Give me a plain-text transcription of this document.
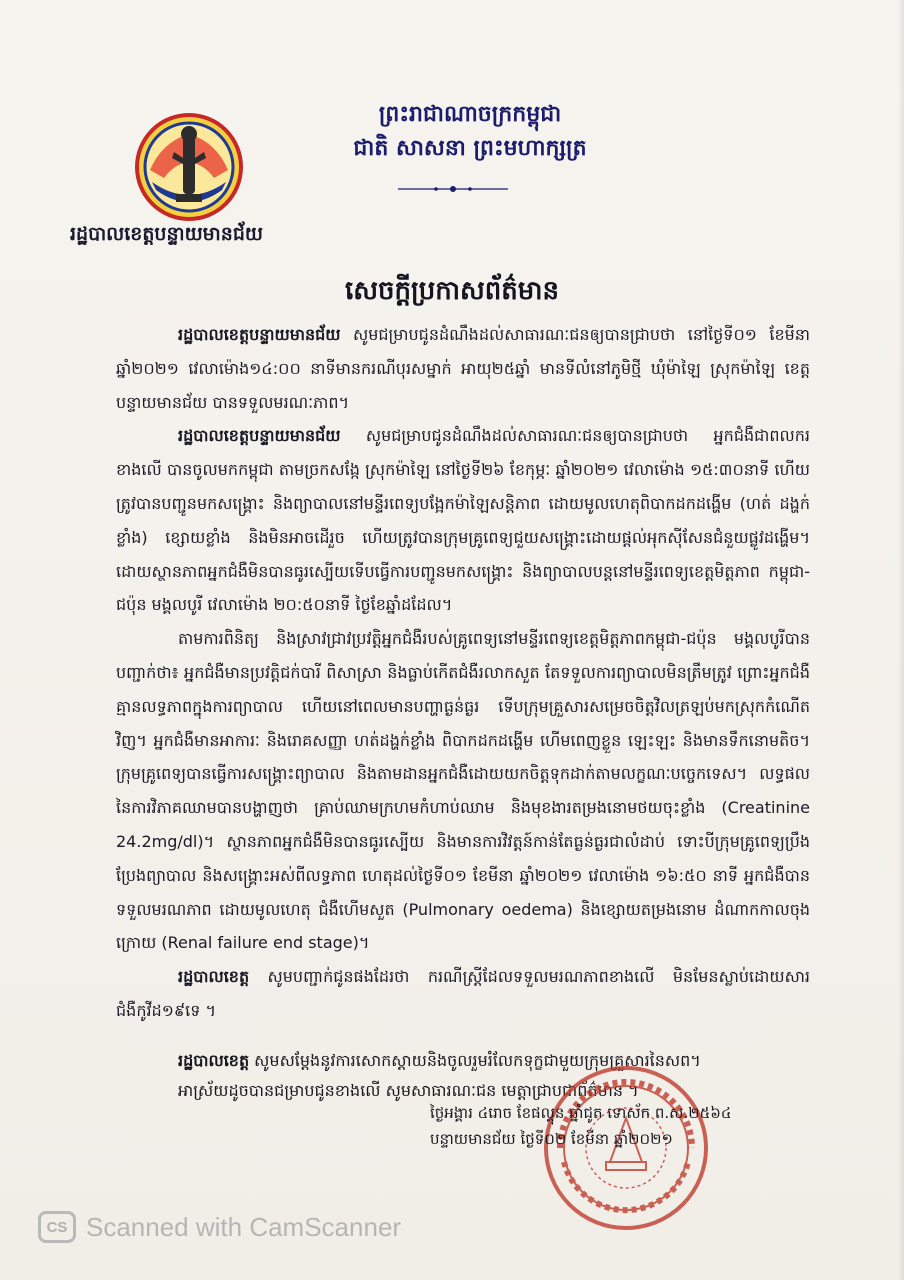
រដ្ឋបាលខេត្តបន្ទាយមានជ័យ
ព្រះរាជាណាចក្រកម្ពុជា
ជាតិ សាសនា ព្រះមហាក្សត្រ
សេចក្ដីប្រកាសព័ត៌មាន

រដ្ឋបាលខេត្តបន្ទាយមានជ័យ សូមជម្រាបជូនដំណឹងដល់សាធារណៈជនឲ្យបានជ្រាបថា នៅថ្ងៃទី០១ ខែមីនា ឆ្នាំ២០២១ វេលាម៉ោង១៤:០០ នាទីមានករណីបុរសម្នាក់ អាយុ២៥ឆ្នាំ មានទីលំនៅភូមិថ្មី ឃុំម៉ាឡៃ ស្រុកម៉ាឡៃ ខេត្តបន្ទាយមានជ័យ បានទទួលមរណៈភាព។

រដ្ឋបាលខេត្តបន្ទាយមានជ័យ សូមជម្រាបជូនដំណឹងដល់សាធារណៈជនឲ្យបានជ្រាបថា អ្នកជំងឺជាពលករខាងលើ បានចូលមកកម្ពុជា តាមច្រកសង្កែ ស្រុកម៉ាឡៃ នៅថ្ងៃទី២៦ ខែកុម្ភៈ ឆ្នាំ២០២១ វេលាម៉ោង ១៥:៣០នាទី ហើយត្រូវបានបញ្ជូនមកសង្គ្រោះ និងព្យាបាលនៅមន្ទីរពេទ្យបង្អែកម៉ាឡៃសន្តិភាព ដោយមូលហេតុពិបាកដកដង្ហើម (ហត់ ដង្ហក់ខ្លាំង) ខ្សោយខ្លាំង និងមិនអាចដើរួច ហើយត្រូវបានក្រុមគ្រូពេទ្យជួយសង្គ្រោះដោយផ្ដល់អុកស៊ីសែនជំនួយផ្លូវដង្ហើម។ ដោយស្ថានភាពអ្នកជំងឺមិនបានធូរស្បើយទើបធ្វើការបញ្ជូនមកសង្គ្រោះ និងព្យាបាលបន្តនៅមន្ទីរពេទ្យខេត្តមិត្តភាព កម្ពុជា-ជប៉ុន មង្គលបូរី វេលាម៉ោង ២០:៥០នាទី ថ្ងៃខែឆ្នាំដដែល។

តាមការពិនិត្យ និងស្រាវជ្រាវប្រវត្តិអ្នកជំងឺរបស់គ្រូពេទ្យនៅមន្ទីរពេទ្យខេត្តមិត្តភាពកម្ពុជា-ជប៉ុន មង្គលបូរីបានបញ្ជាក់ថា៖ អ្នកជំងឺមានប្រវត្តិជក់បារី ពិសាស្រា និងធ្លាប់កើតជំងឺរលាកសួត តែទទួលការព្យាបាលមិនត្រឹមត្រូវ ព្រោះអ្នកជំងឺគ្មានលទ្ធភាពក្នុងការព្យាបាល ហើយនៅពេលមានបញ្ហាធ្ងន់ធ្ងរ ទើបក្រុមគ្រួសារសម្រេចចិត្តវិលត្រឡប់មកស្រុកកំណើតវិញ។ អ្នកជំងឺមានអាការៈ និងរោគសញ្ញា ហត់ដង្ហក់ខ្លាំង ពិបាកដកដង្ហើម ហើមពេញខ្លួន ឡេះឡះ និងមានទឹកនោមតិច។ ក្រុមគ្រូពេទ្យបានធ្វើការសង្គ្រោះព្យាបាល និងតាមដានអ្នកជំងឺដោយយកចិត្តទុកដាក់តាមលក្ខណៈបច្ចេកទេស។ លទ្ធផលនៃការវិភាគឈាមបានបង្ហាញថា គ្រាប់ឈាមក្រហមកំហាប់ឈាម និងមុខងារតម្រងនោមថយចុះខ្លាំង (Creatinine 24.2mg/dl)។ ស្ថានភាពអ្នកជំងឺមិនបានធូរស្បើយ និងមានការវិវត្តន៍កាន់តែធ្ងន់ធ្ងរជាលំដាប់ ទោះបីក្រុមគ្រូពេទ្យប្រឹងប្រែងព្យាបាល និងសង្គ្រោះអស់ពីលទ្ធភាព ហេតុដល់ថ្ងៃទី០១ ខែមីនា ឆ្នាំ២០២១ វេលាម៉ោង ១៦:៥០ នាទី អ្នកជំងឺបានទទួលមរណភាព ដោយមូលហេតុ ជំងឺហើមសួត (Pulmonary oedema) និងខ្សោយតម្រងនោម ដំណាកកាលចុងក្រោយ (Renal failure end stage)។

រដ្ឋបាលខេត្ត សូមបញ្ជាក់ជូនផងដែរថា ករណីស្ត្រីដែលទទួលមរណភាពខាងលើ មិនមែនស្លាប់ដោយសារជំងឺកូវីដ១៩ទេ ។

រដ្ឋបាលខេត្ត សូមសម្ដែងនូវការសោកស្ដាយនិងចូលរួមរំលែកទុក្ខជាមួយក្រុមគ្រួសារនៃសព។
អាស្រ័យដូចបានជម្រាបជូនខាងលើ សូមសាធារណៈជន មេត្តាជ្រាបជាព័ត៌មាន ។
ថ្ងៃអង្គារ ៤រោច ខែផល្គុន ឆ្នាំជូត ទោស័ក ព.ស.២៥៦៤
បន្ទាយមានជ័យ ថ្ងៃទី០២ ខែមីនា ឆ្នាំ២០២១
CS Scanned with CamScanner
